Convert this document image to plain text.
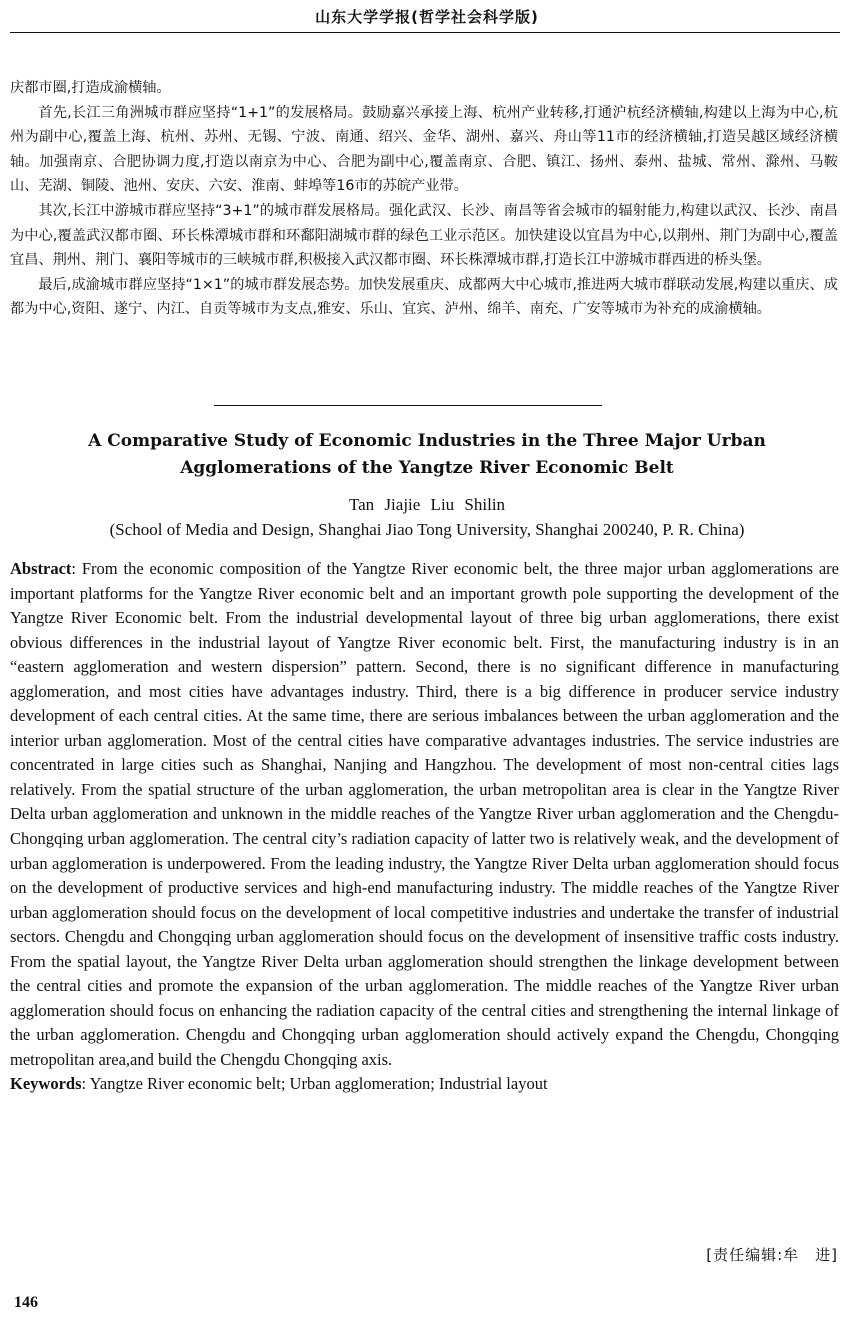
山东大学学报(哲学社会科学版)

庆都市圈,打造成渝横轴。

首先,长江三角洲城市群应坚持“1+1”的发展格局。鼓励嘉兴承接上海、杭州产业转移,打通沪杭经济横轴,构建以上海为中心,杭州为副中心,覆盖上海、杭州、苏州、无锡、宁波、南通、绍兴、金华、湖州、嘉兴、舟山等11市的经济横轴,打造吴越区域经济横轴。加强南京、合肥协调力度,打造以南京为中心、合肥为副中心,覆盖南京、合肥、镇江、扬州、泰州、盐城、常州、滁州、马鞍山、芜湖、铜陵、池州、安庆、六安、淮南、蚌埠等16市的苏皖产业带。

其次,长江中游城市群应坚持“3+1”的城市群发展格局。强化武汉、长沙、南昌等省会城市的辐射能力,构建以武汉、长沙、南昌为中心,覆盖武汉都市圈、环长株潭城市群和环鄱阳湖城市群的绿色工业示范区。加快建设以宜昌为中心,以荆州、荆门为副中心,覆盖宜昌、荆州、荆门、襄阳等城市的三峡城市群,积极接入武汉都市圈、环长株潭城市群,打造长江中游城市群西进的桥头堡。

最后,成渝城市群应坚持“1×1”的城市群发展态势。加快发展重庆、成都两大中心城市,推进两大城市群联动发展,构建以重庆、成都为中心,资阳、遂宁、内江、自贡等城市为支点,雅安、乐山、宜宾、泸州、绵羊、南充、广安等城市为补充的成渝横轴。

A Comparative Study of Economic Industries in the Three Major Urban
Agglomerations of the Yangtze River Economic Belt
Tan Jiajie Liu Shilin
(School of Media and Design, Shanghai Jiao Tong University, Shanghai 200240, P. R. China)

Abstract: From the economic composition of the Yangtze River economic belt, the three major urban agglomerations are important platforms for the Yangtze River economic belt and an important growth pole supporting the development of the Yangtze River Economic belt. From the industrial developmental layout of three big urban agglomerations, there exist obvious differences in the industrial layout of Yangtze River economic belt. First, the manufacturing industry is in an “eastern agglomeration and western dispersion” pattern. Second, there is no significant difference in manufacturing agglomeration, and most cities have advantages industry. Third, there is a big difference in producer service industry development of each central cities. At the same time, there are serious imbalances between the urban agglomeration and the interior urban agglomeration. Most of the central cities have comparative advantages industries. The service industries are concentrated in large cities such as Shanghai, Nanjing and Hangzhou. The development of most non-central cities lags relatively. From the spatial structure of the urban agglomeration, the urban metropolitan area is clear in the Yangtze River Delta urban agglomeration and unknown in the middle reaches of the Yangtze River urban agglomeration and the Chengdu-Chongqing urban agglomeration. The central city’s radiation capacity of latter two is relatively weak, and the development of urban agglomeration is underpowered. From the leading industry, the Yangtze River Delta urban agglomeration should focus on the development of productive services and high-end manufacturing industry. The middle reaches of the Yangtze River urban agglomeration should focus on the development of local competitive industries and undertake the transfer of industrial sectors. Chengdu and Chongqing urban agglomeration should focus on the development of insensitive traffic costs industry. From the spatial layout, the Yangtze River Delta urban agglomeration should strengthen the linkage development between the central cities and promote the expansion of the urban agglomeration. The middle reaches of the Yangtze River urban agglomeration should focus on enhancing the radiation capacity of the central cities and strengthening the internal linkage of the urban agglomeration. Chengdu and Chongqing urban agglomeration should actively expand the Chengdu, Chongqing metropolitan area,and build the Chengdu Chongqing axis.

Keywords: Yangtze River economic belt; Urban agglomeration; Industrial layout

[责任编辑:牟　进]
146
